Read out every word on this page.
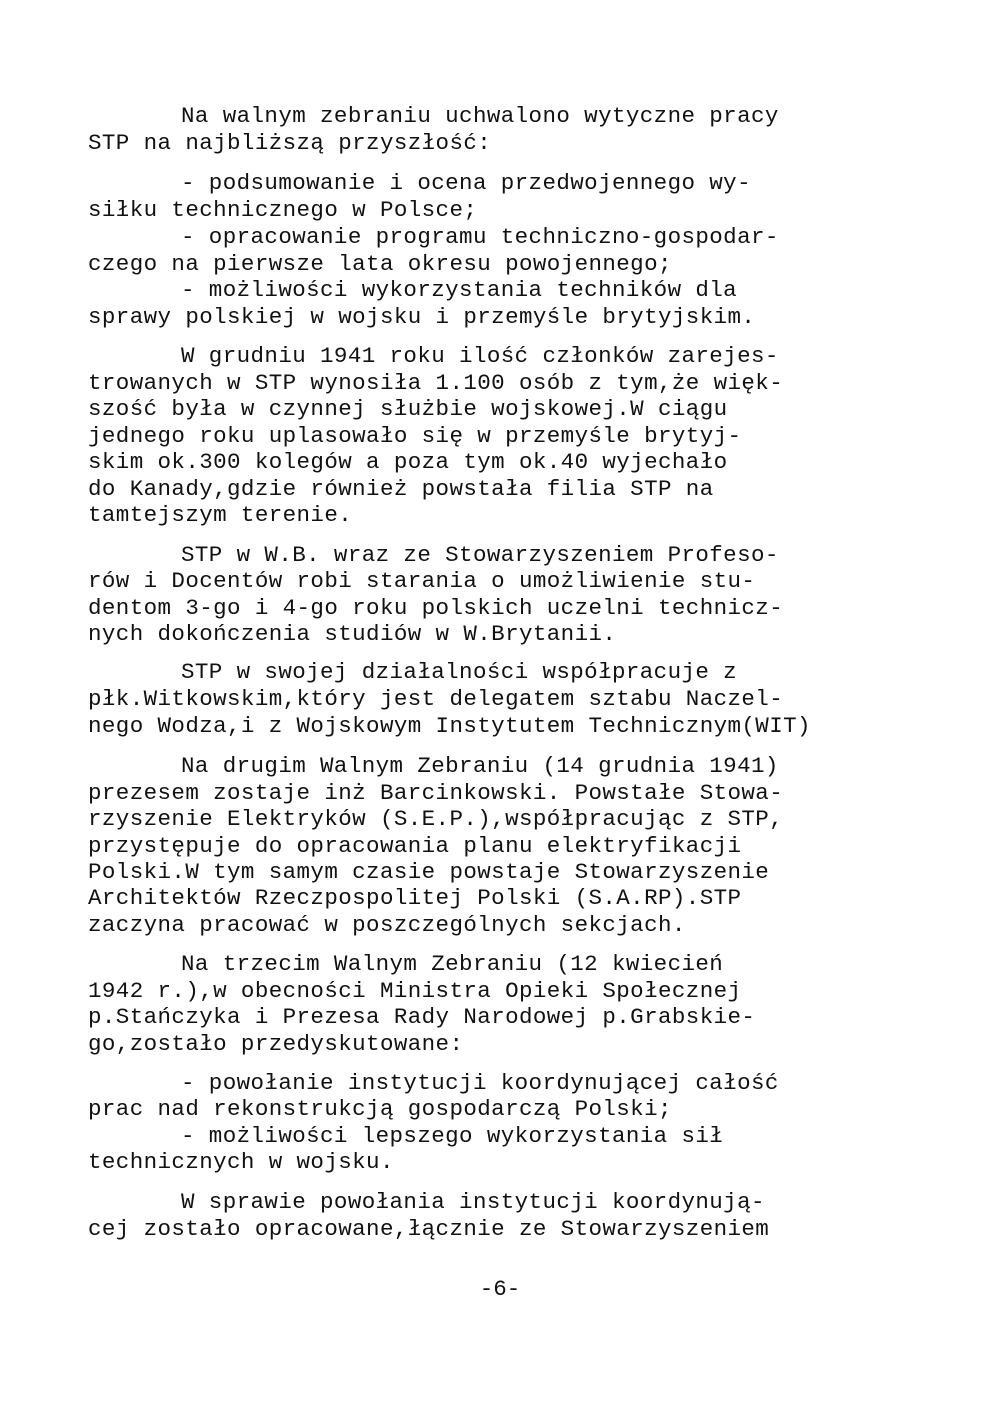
Na walnym zebraniu uchwalono wytyczne pracy
STP na najbliższą przyszłość:
- podsumowanie i ocena przedwojennego wy-
siłku technicznego w Polsce;
- opracowanie programu techniczno-gospodar-
czego na pierwsze lata okresu powojennego;
- możliwości wykorzystania techników dla
sprawy polskiej w wojsku i przemyśle brytyjskim.
W grudniu 1941 roku ilość członków zarejes-
trowanych w STP wynosiła 1.100 osób z tym,że więk-
szość była w czynnej służbie wojskowej.W ciągu
jednego roku uplasowało się w przemyśle brytyj-
skim ok.300 kolegów a poza tym ok.40 wyjechało
do Kanady,gdzie również powstała filia STP na
tamtejszym terenie.
STP w W.B. wraz ze Stowarzyszeniem Profeso-
rów i Docentów robi starania o umożliwienie stu-
dentom 3-go i 4-go roku polskich uczelni technicz-
nych dokończenia studiów w W.Brytanii.
STP w swojej działalności współpracuje z
płk.Witkowskim,który jest delegatem sztabu Naczel-
nego Wodza,i z Wojskowym Instytutem Technicznym(WIT)
Na drugim Walnym Zebraniu (14 grudnia 1941)
prezesem zostaje inż Barcinkowski. Powstałe Stowa-
rzyszenie Elektryków (S.E.P.),współpracując z STP,
przystępuje do opracowania planu elektryfikacji
Polski.W tym samym czasie powstaje Stowarzyszenie
Architektów Rzeczpospolitej Polski (S.A.RP).STP
zaczyna pracować w poszczególnych sekcjach.
Na trzecim Walnym Zebraniu (12 kwiecień
1942 r.),w obecności Ministra Opieki Społecznej
p.Stańczyka i Prezesa Rady Narodowej p.Grabskie-
go,zostało przedyskutowane:
- powołanie instytucji koordynującej całość
prac nad rekonstrukcją gospodarczą Polski;
- możliwości lepszego wykorzystania sił
technicznych w wojsku.
W sprawie powołania instytucji koordynują-
cej zostało opracowane,łącznie ze Stowarzyszeniem
-6-
